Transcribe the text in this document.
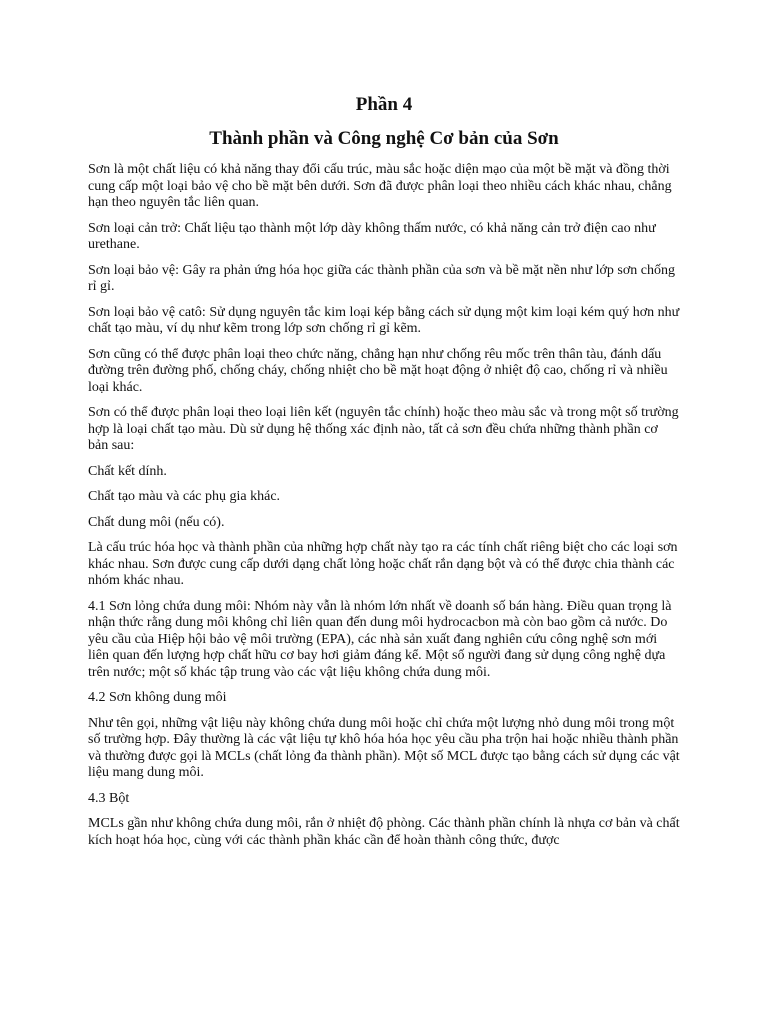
Phần 4
Thành phần và Công nghệ Cơ bản của Sơn

Sơn là một chất liệu có khả năng thay đổi cấu trúc, màu sắc hoặc diện mạo của một bề mặt và đồng thời cung cấp một loại bảo vệ cho bề mặt bên dưới. Sơn đã được phân loại theo nhiều cách khác nhau, chẳng hạn theo nguyên tắc liên quan.

Sơn loại cản trở: Chất liệu tạo thành một lớp dày không thấm nước, có khả năng cản trở điện cao như urethane.

Sơn loại bảo vệ: Gây ra phản ứng hóa học giữa các thành phần của sơn và bề mặt nền như lớp sơn chống rỉ gỉ.

Sơn loại bảo vệ catô: Sử dụng nguyên tắc kim loại kép bằng cách sử dụng một kim loại kém quý hơn như chất tạo màu, ví dụ như kẽm trong lớp sơn chống rỉ gỉ kẽm.

Sơn cũng có thể được phân loại theo chức năng, chẳng hạn như chống rêu mốc trên thân tàu, đánh dấu đường trên đường phố, chống cháy, chống nhiệt cho bề mặt hoạt động ở nhiệt độ cao, chống rỉ và nhiều loại khác.

Sơn có thể được phân loại theo loại liên kết (nguyên tắc chính) hoặc theo màu sắc và trong một số trường hợp là loại chất tạo màu. Dù sử dụng hệ thống xác định nào, tất cả sơn đều chứa những thành phần cơ bản sau:

Chất kết dính.

Chất tạo màu và các phụ gia khác.

Chất dung môi (nếu có).

Là cấu trúc hóa học và thành phần của những hợp chất này tạo ra các tính chất riêng biệt cho các loại sơn khác nhau. Sơn được cung cấp dưới dạng chất lỏng hoặc chất rắn dạng bột và có thể được chia thành các nhóm khác nhau.

4.1 Sơn lỏng chứa dung môi: Nhóm này vẫn là nhóm lớn nhất về doanh số bán hàng. Điều quan trọng là nhận thức rằng dung môi không chỉ liên quan đến dung môi hydrocacbon mà còn bao gồm cả nước. Do yêu cầu của Hiệp hội bảo vệ môi trường (EPA), các nhà sản xuất đang nghiên cứu công nghệ sơn mới liên quan đến lượng hợp chất hữu cơ bay hơi giảm đáng kể. Một số người đang sử dụng công nghệ dựa trên nước; một số khác tập trung vào các vật liệu không chứa dung môi.

4.2 Sơn không dung môi

Như tên gọi, những vật liệu này không chứa dung môi hoặc chỉ chứa một lượng nhỏ dung môi trong một số trường hợp. Đây thường là các vật liệu tự khô hóa hóa học yêu cầu pha trộn hai hoặc nhiều thành phần và thường được gọi là MCLs (chất lỏng đa thành phần). Một số MCL được tạo bằng cách sử dụng các vật liệu mang dung môi.

4.3 Bột

MCLs gần như không chứa dung môi, rắn ở nhiệt độ phòng. Các thành phần chính là nhựa cơ bản và chất kích hoạt hóa học, cùng với các thành phần khác cần để hoàn thành công thức, được
